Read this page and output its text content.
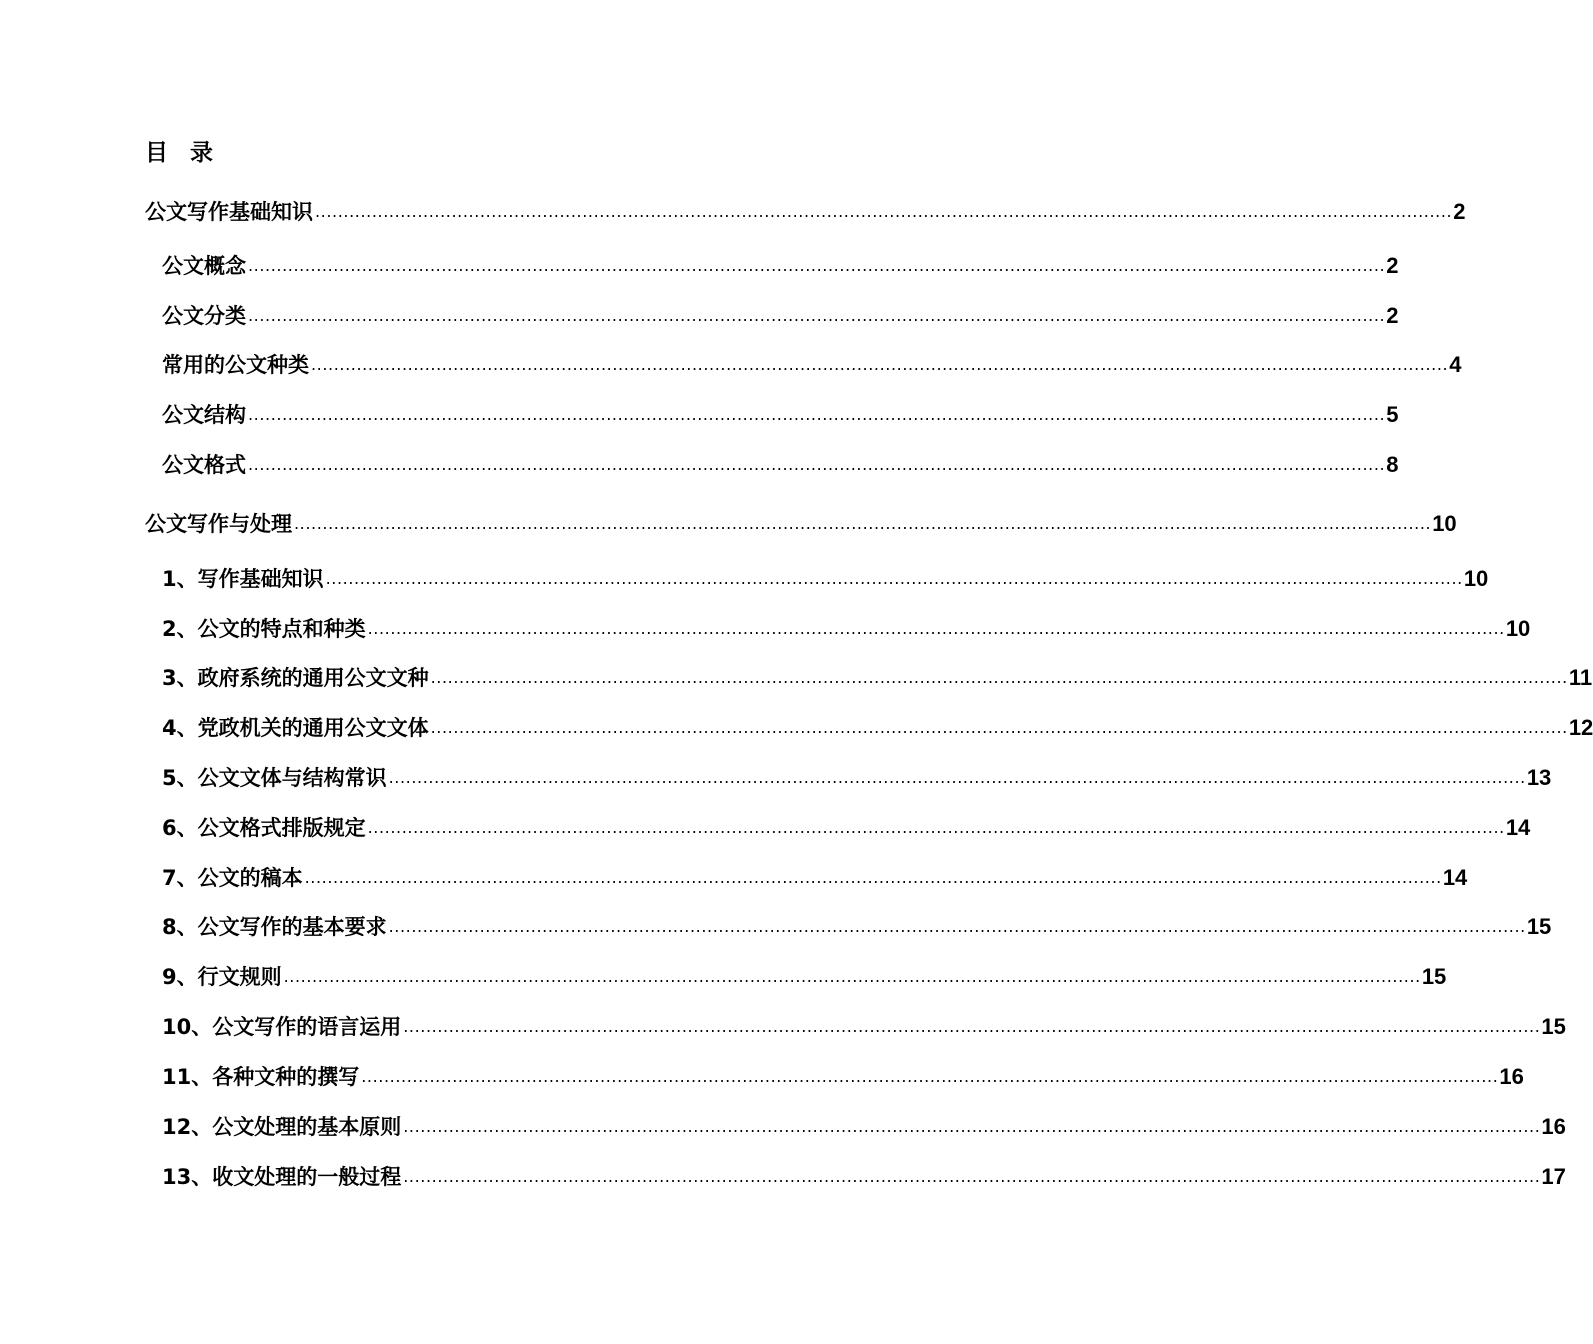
目 录
公文写作基础知识 ........................................................................................................................................................................................................ 2
公文概念 ........................................................................................................................................................................................................ 2
公文分类 ........................................................................................................................................................................................................ 2
常用的公文种类 ........................................................................................................................................................................................................ 4
公文结构 ........................................................................................................................................................................................................ 5
公文格式 ........................................................................................................................................................................................................ 8
公文写作与处理 ........................................................................................................................................................................................................ 10
1、写作基础知识 ........................................................................................................................................................................................................ 10
2、公文的特点和种类 ........................................................................................................................................................................................................ 10
3、政府系统的通用公文文种 ........................................................................................................................................................................................................ 11
4、党政机关的通用公文文体 ........................................................................................................................................................................................................ 12
5、公文文体与结构常识 ........................................................................................................................................................................................................ 13
6、公文格式排版规定 ........................................................................................................................................................................................................ 14
7、公文的稿本 ........................................................................................................................................................................................................ 14
8、公文写作的基本要求 ........................................................................................................................................................................................................ 15
9、行文规则 ........................................................................................................................................................................................................ 15
10、公文写作的语言运用 ........................................................................................................................................................................................................ 15
11、各种文种的撰写 ........................................................................................................................................................................................................ 16
12、公文处理的基本原则 ........................................................................................................................................................................................................ 16
13、收文处理的一般过程 ........................................................................................................................................................................................................ 17
